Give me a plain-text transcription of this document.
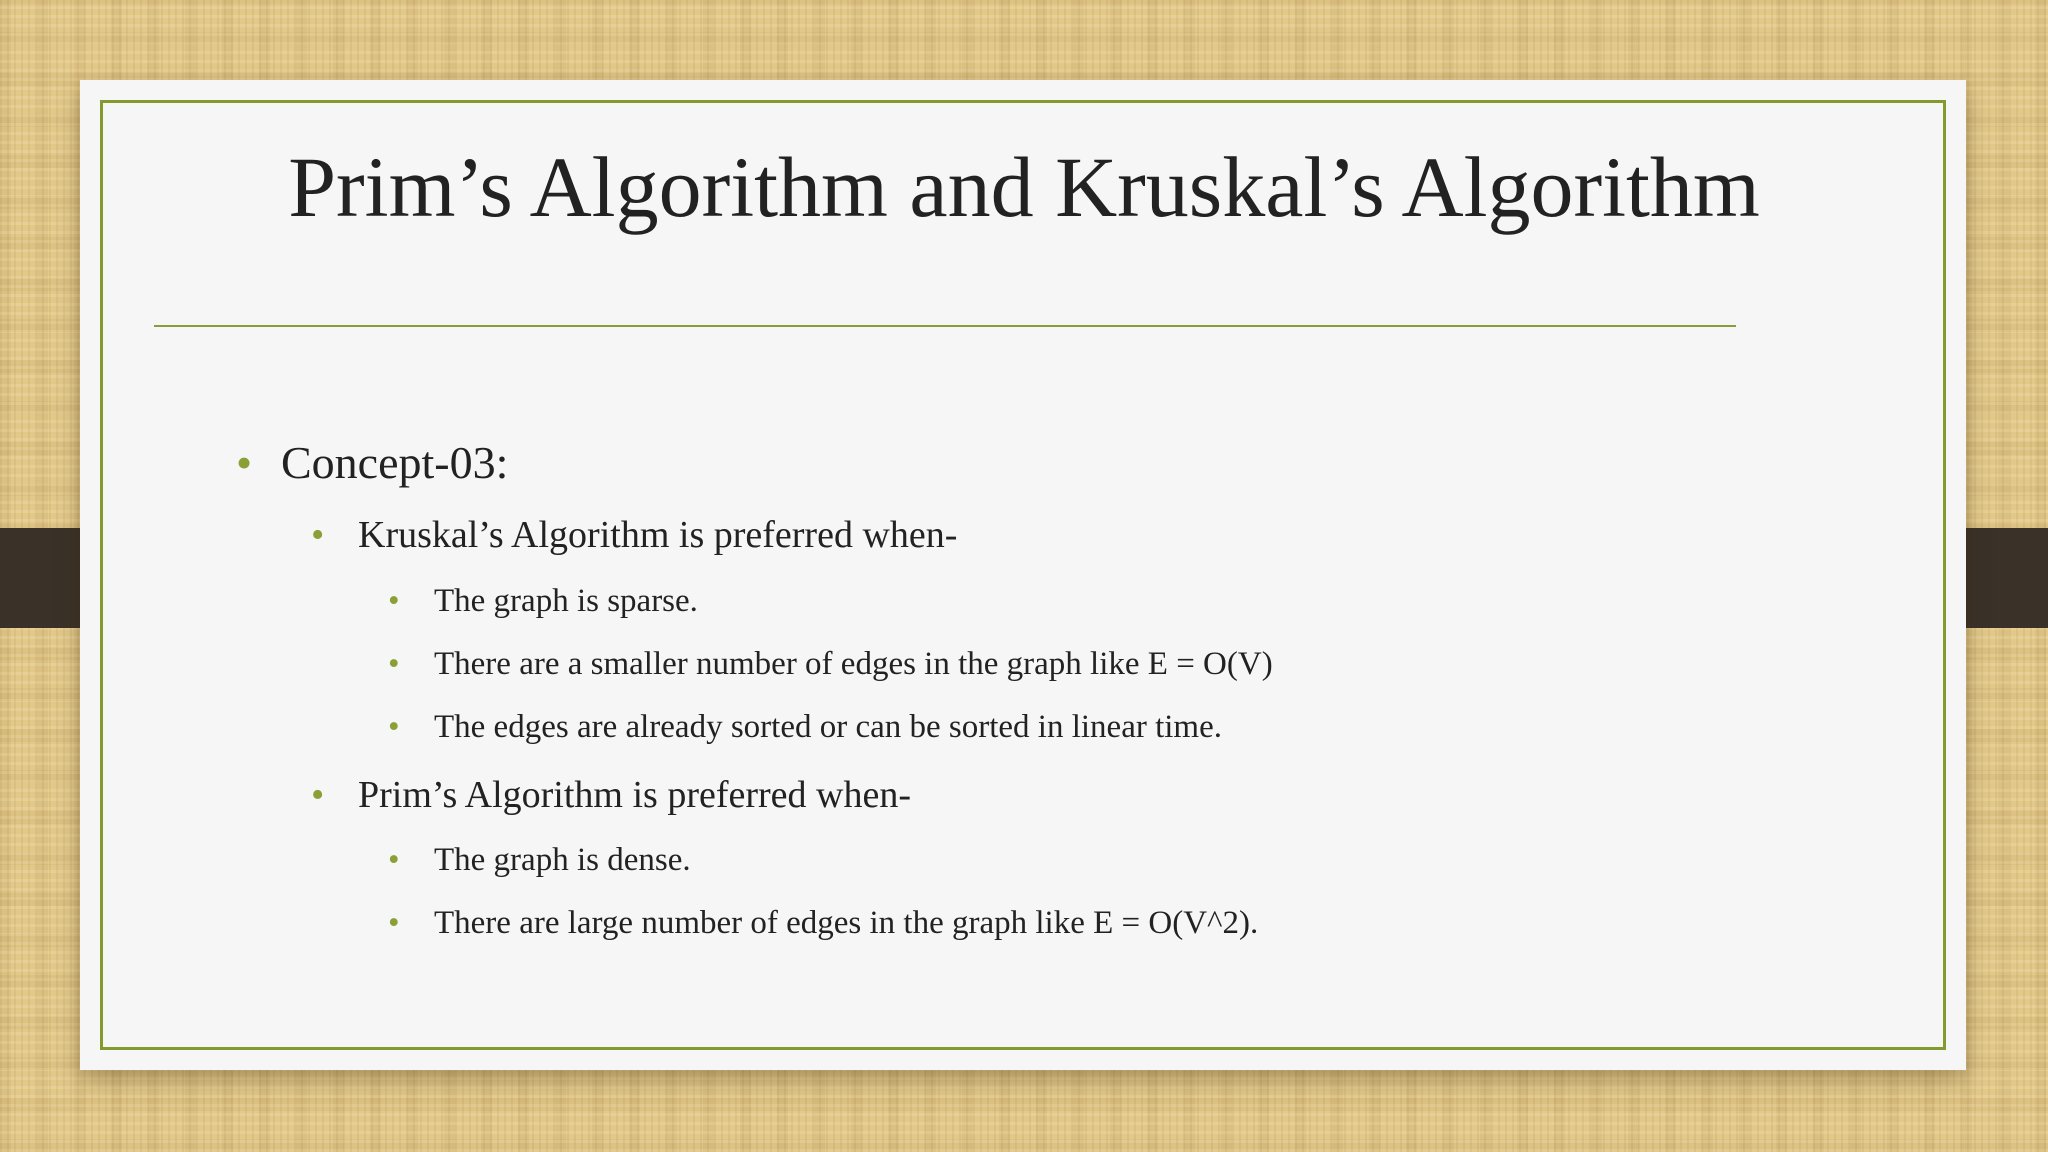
Prim’s Algorithm and Kruskal’s Algorithm
• Concept-03:
• Kruskal’s Algorithm is preferred when-
• The graph is sparse.
• There are a smaller number of edges in the graph like E = O(V)
• The edges are already sorted or can be sorted in linear time.
• Prim’s Algorithm is preferred when-
• The graph is dense.
• There are large number of edges in the graph like E = O(V^2).
